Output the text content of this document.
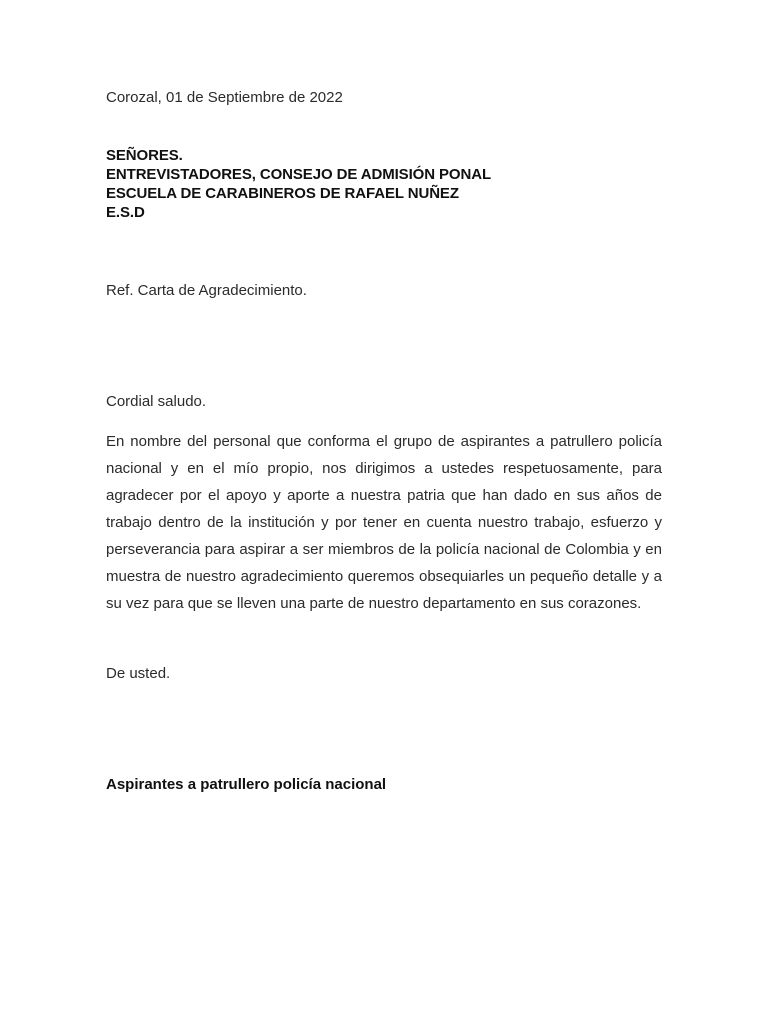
Corozal, 01 de Septiembre de 2022
SEÑORES.
ENTREVISTADORES, CONSEJO DE ADMISIÓN PONAL
ESCUELA DE CARABINEROS DE RAFAEL NUÑEZ
E.S.D
Ref. Carta de Agradecimiento.
Cordial saludo.
En nombre del personal que conforma el grupo de aspirantes a patrullero policía nacional y en el mío propio, nos dirigimos a ustedes respetuosamente, para agradecer por el apoyo y aporte a nuestra patria que han dado en sus años de trabajo dentro de la institución y por tener en cuenta nuestro trabajo, esfuerzo y perseverancia para aspirar a ser miembros de la policía nacional de Colombia y en muestra de nuestro agradecimiento queremos obsequiarles un pequeño detalle y a su vez para que se lleven una parte de nuestro departamento en sus corazones.
De usted.
Aspirantes a patrullero policía nacional
